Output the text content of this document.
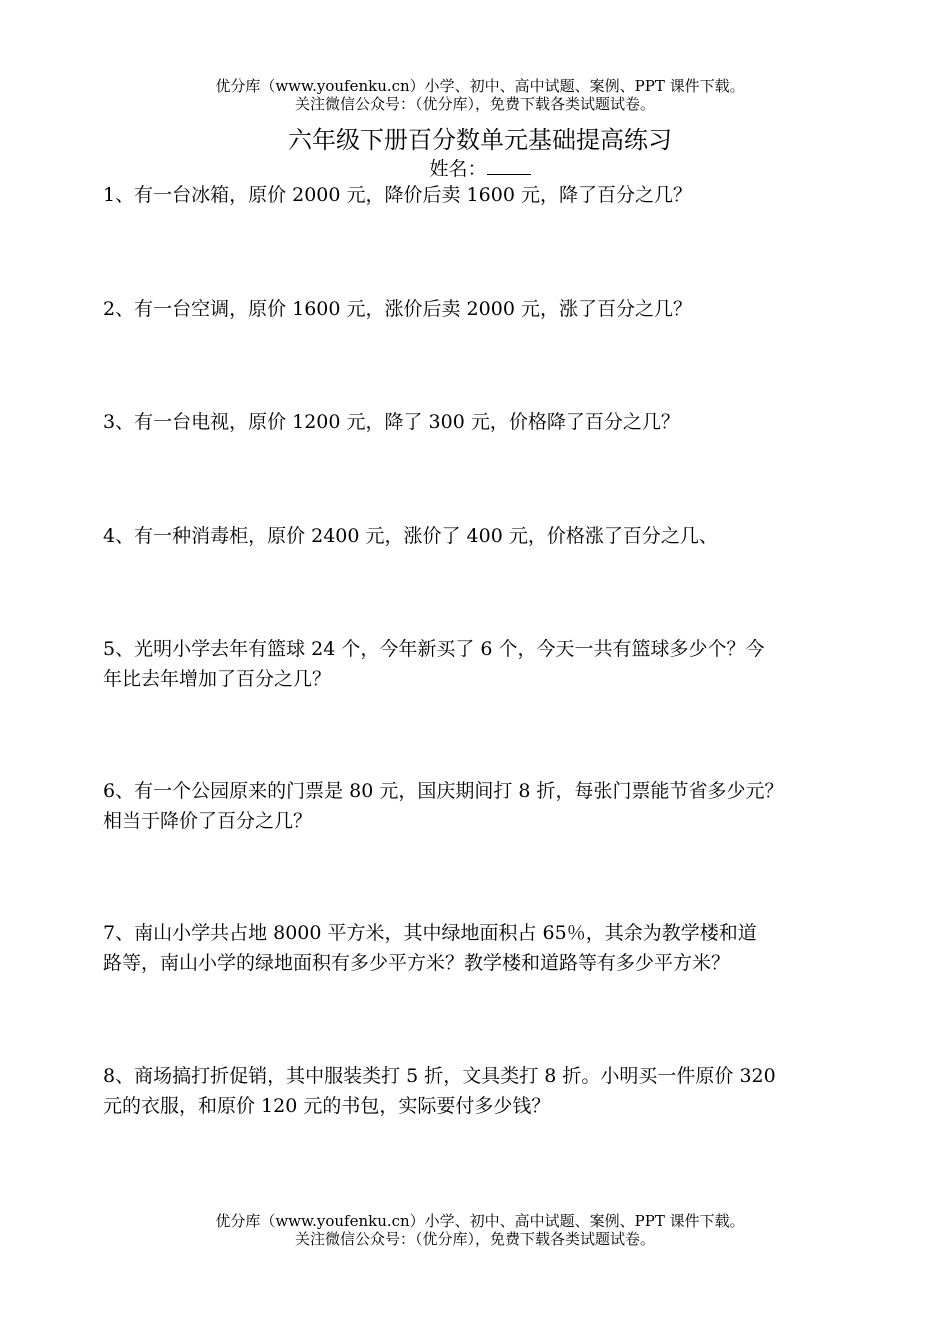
优分库（www.youfenku.cn）小学、初中、高中试题、案例、PPT 课件下载。
关注微信公众号：（优分库），免费下载各类试题试卷。
六年级下册百分数单元基础提高练习
姓名：
1、有一台冰箱，原价 2000 元，降价后卖 1600 元，降了百分之几？
2、有一台空调，原价 1600 元，涨价后卖 2000 元，涨了百分之几？
3、有一台电视，原价 1200 元，降了 300 元，价格降了百分之几？
4、有一种消毒柜，原价 2400 元，涨价了 400 元，价格涨了百分之几、
5、光明小学去年有篮球 24 个，今年新买了 6 个，今天一共有篮球多少个？今
年比去年增加了百分之几？
6、有一个公园原来的门票是 80 元，国庆期间打 8 折，每张门票能节省多少元？
相当于降价了百分之几？
7、南山小学共占地 8000 平方米，其中绿地面积占 65％，其余为教学楼和道
路等，南山小学的绿地面积有多少平方米？教学楼和道路等有多少平方米？
8、商场搞打折促销，其中服装类打 5 折，文具类打 8 折。小明买一件原价 320
元的衣服，和原价 120 元的书包，实际要付多少钱？
优分库（www.youfenku.cn）小学、初中、高中试题、案例、PPT 课件下载。
关注微信公众号：（优分库），免费下载各类试题试卷。
